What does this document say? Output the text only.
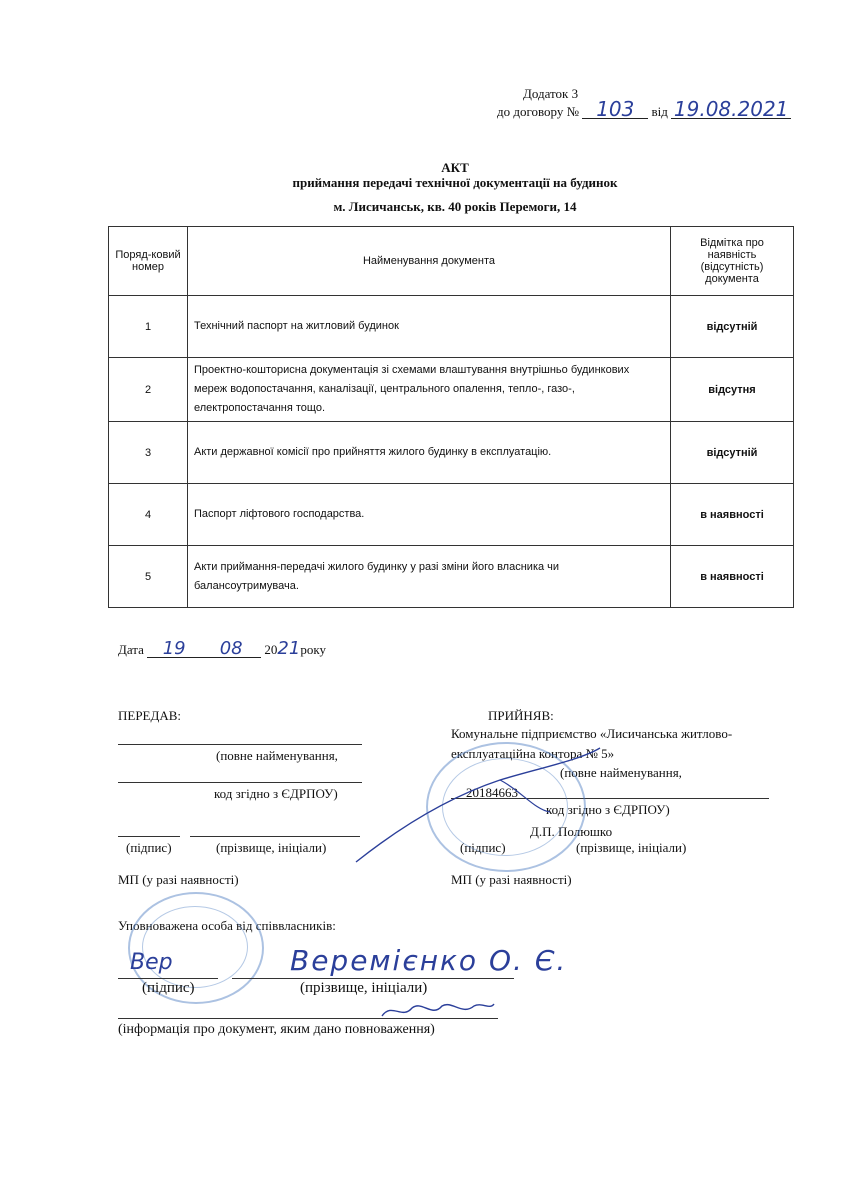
Додаток 3
до договору № 103 від 19.08.2021
АКТ
приймання передачі технічної документації на будинок
м. Лисичанськ, кв. 40 років Перемоги, 14
Поряд-ковий номер	Найменування документа	Відмітка про наявність (відсутність) документа
1	Технічний паспорт на житловий будинок	відсутній
2	Проектно-кошторисна документація зі схемами влаштування внутрішньо будинкових мереж водопостачання, каналізації, центрального опалення, тепло-, газо-, електропостачання тощо.	відсутня
3	Акти державної комісії про прийняття жилого будинку в експлуатацію.	відсутній
4	Паспорт ліфтового господарства.	в наявності
5	Акти приймання-передачі жилого будинку у разі зміни його власника чи балансоутримувача.	в наявності
Дата 19 08 2021року
ПЕРЕДАВ:
(повне найменування,
код згідно з ЄДРПОУ)
(підпис)	(прізвище, ініціали)
МП (у разі наявності)
ПРИЙНЯВ:
Комунальне підприємство «Лисичанська житлово-
експлуатаційна контора № 5»
(повне найменування,
20184663
код згідно з ЄДРПОУ)
Д.П. Полюшко
(підпис)	(прізвище, ініціали)
МП (у разі наявності)
Уповноважена особа від співвласників:
Вер	Веремієнко О. Є.
(підпис)	(прізвище, ініціали)
(інформація про документ, яким дано повноваження)
